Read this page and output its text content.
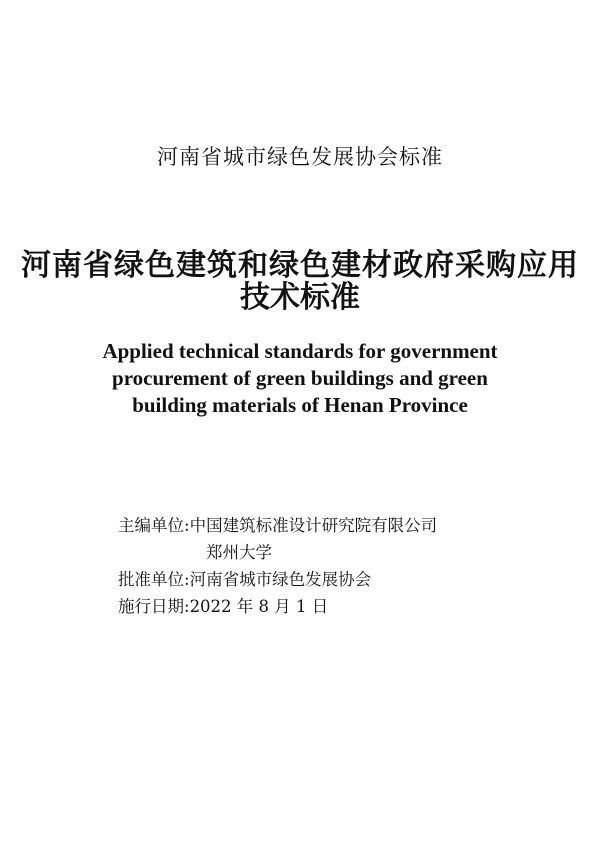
河南省城市绿色发展协会标准
河南省绿色建筑和绿色建材政府采购应用
技术标准
Applied technical standards for government
procurement of green buildings and green
building materials of Henan Province
主编单位:中国建筑标准设计研究院有限公司
郑州大学
批准单位:河南省城市绿色发展协会
施行日期:2022 年 8 月 1 日
